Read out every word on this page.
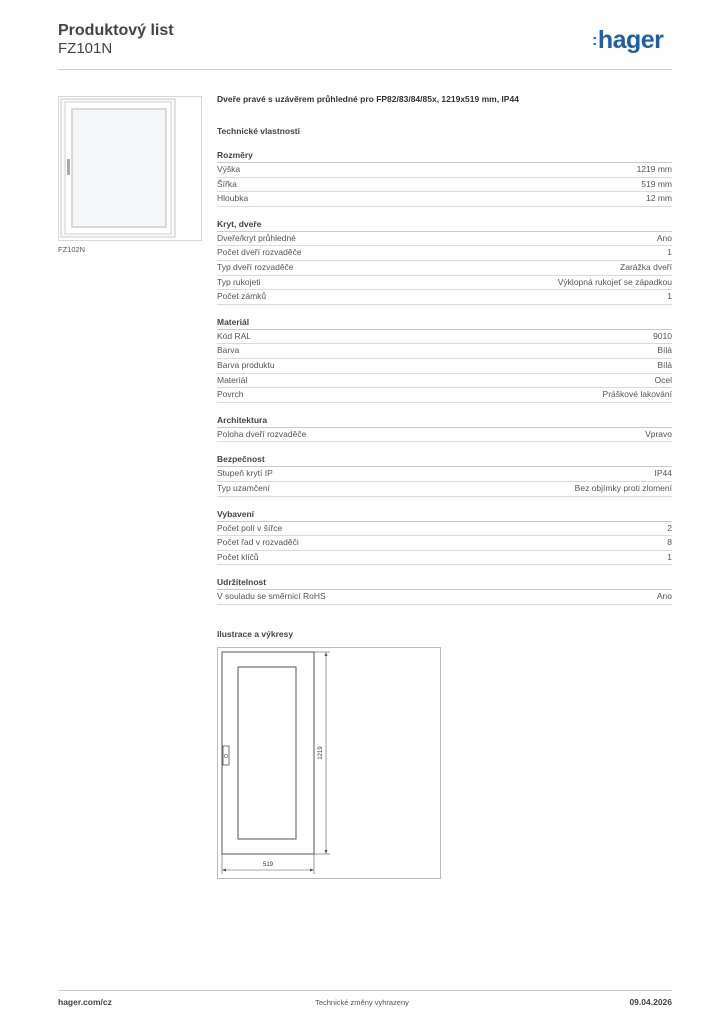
Produktový list
FZ101N	:hager
FZ102N
Dveře pravé s uzávěrem průhledné pro FP82/83/84/85x, 1219x519 mm, IP44
Technické vlastnosti
Rozměry
Výška	1219 mm
Šířka	519 mm
Hloubka	12 mm
Kryt, dveře
Dveře/kryt průhledné	Ano
Počet dveří rozvaděče	1
Typ dveří rozvaděče	Zarážka dveří
Typ rukojeti	Výklopná rukojeť se západkou
Počet zámků	1
Materiál
Kód RAL	9010
Barva	Bílá
Barva produktu	Bílá
Materiál	Ocel
Povrch	Práškové lakování
Architektura
Poloha dveří rozvaděče	Vpravo
Bezpečnost
Stupeň krytí IP	IP44
Typ uzamčení	Bez objímky proti zlomení
Vybavení
Počet polí v šířce	2
Počet řad v rozvaděči	8
Počet klíčů	1
Udržitelnost
V souladu se směrnicí RoHS	Ano
Ilustrace a výkresy
519
1219
hager.com/cz	Technické změny vyhrazeny	09.04.2026
